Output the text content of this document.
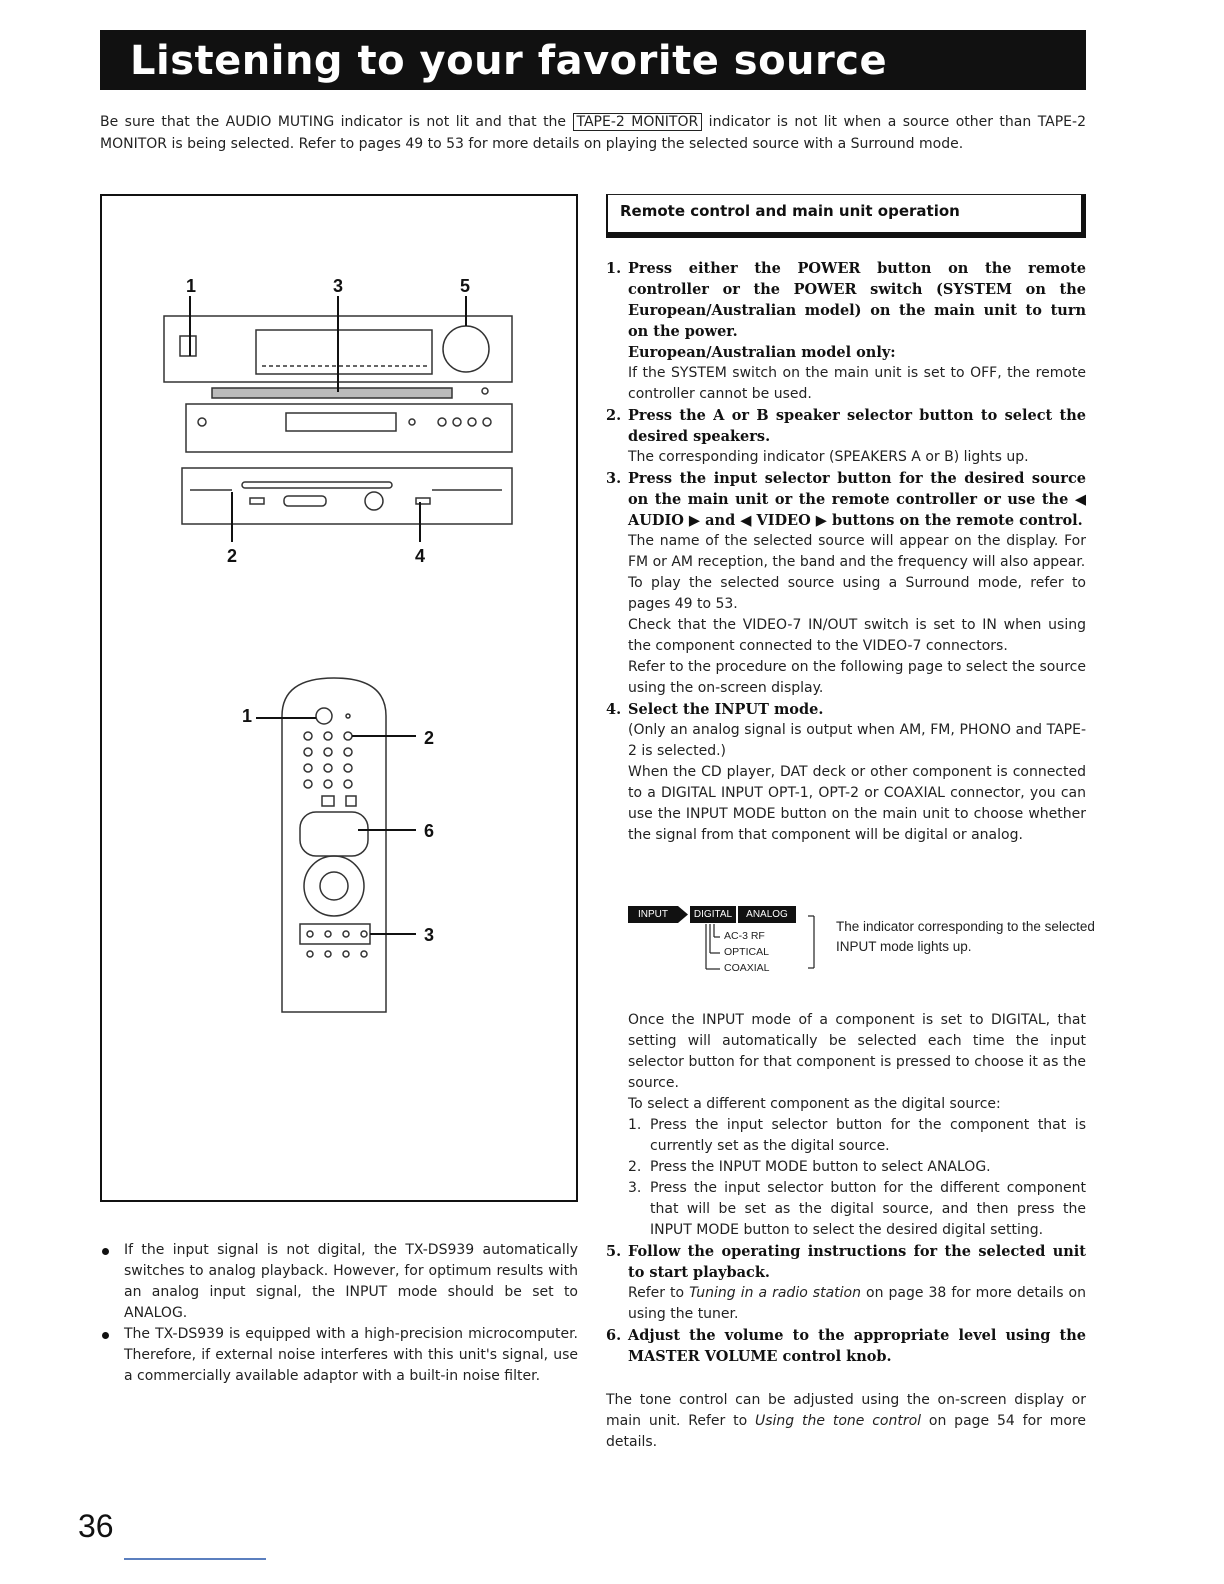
Listening to your favorite source
Be sure that the AUDIO MUTING indicator is not lit and that the TAPE-2 MONITOR indicator is not lit when a source other than TAPE-2 MONITOR is being selected. Refer to pages 49 to 53 for more details on playing the selected source with a Surround mode.
1	3	5
2	4
1
2
6
3
Remote control and main unit operation
1. Press either the POWER button on the remote controller or the POWER switch (SYSTEM on the European/Australian model) on the main unit to turn on the power.

European/Australian model only:

If the SYSTEM switch on the main unit is set to OFF, the remote controller cannot be used.

2. Press the A or B speaker selector button to select the desired speakers.

The corresponding indicator (SPEAKERS A or B) lights up.

3. Press the input selector button for the desired source on the main unit or the remote controller or use the ◀ AUDIO ▶ and ◀ VIDEO ▶ buttons on the remote control.

The name of the selected source will appear on the display. For FM or AM reception, the band and the frequency will also appear.

To play the selected source using a Surround mode, refer to pages 49 to 53.

Check that the VIDEO-7 IN/OUT switch is set to IN when using the component connected to the VIDEO-7 connectors.

Refer to the procedure on the following page to select the source using the on-screen display.

4. Select the INPUT mode.

(Only an analog signal is output when AM, FM, PHONO and TAPE-2 is selected.)

When the CD player, DAT deck or other component is connected to a DIGITAL INPUT OPT-1, OPT-2 or COAXIAL connector, you can use the INPUT MODE button on the main unit to choose whether the signal from that component will be digital or analog.

INPUT	DIGITAL	ANALOG
AC-3 RF
OPTICAL
COAXIAL
The indicator corresponding to the selected INPUT mode lights up.

Once the INPUT mode of a component is set to DIGITAL, that setting will automatically be selected each time the input selector button for that component is pressed to choose it as the source.

To select a different component as the digital source:

1. Press the input selector button for the component that is currently set as the digital source.

2. Press the INPUT MODE button to select ANALOG.

3. Press the input selector button for the different component that will be set as the digital source, and then press the INPUT MODE button to select the desired digital setting.

5. Follow the operating instructions for the selected unit to start playback.

Refer to Tuning in a radio station on page 38 for more details on using the tuner.

6. Adjust the volume to the appropriate level using the MASTER VOLUME control knob.

The tone control can be adjusted using the on-screen display or main unit. Refer to Using the tone control on page 54 for more details.

If the input signal is not digital, the TX-DS939 automatically switches to analog playback. However, for optimum results with an analog input signal, the INPUT mode should be set to ANALOG.

The TX-DS939 is equipped with a high-precision microcomputer. Therefore, if external noise interferes with this unit's signal, use a commercially available adaptor with a built-in noise filter.

36
